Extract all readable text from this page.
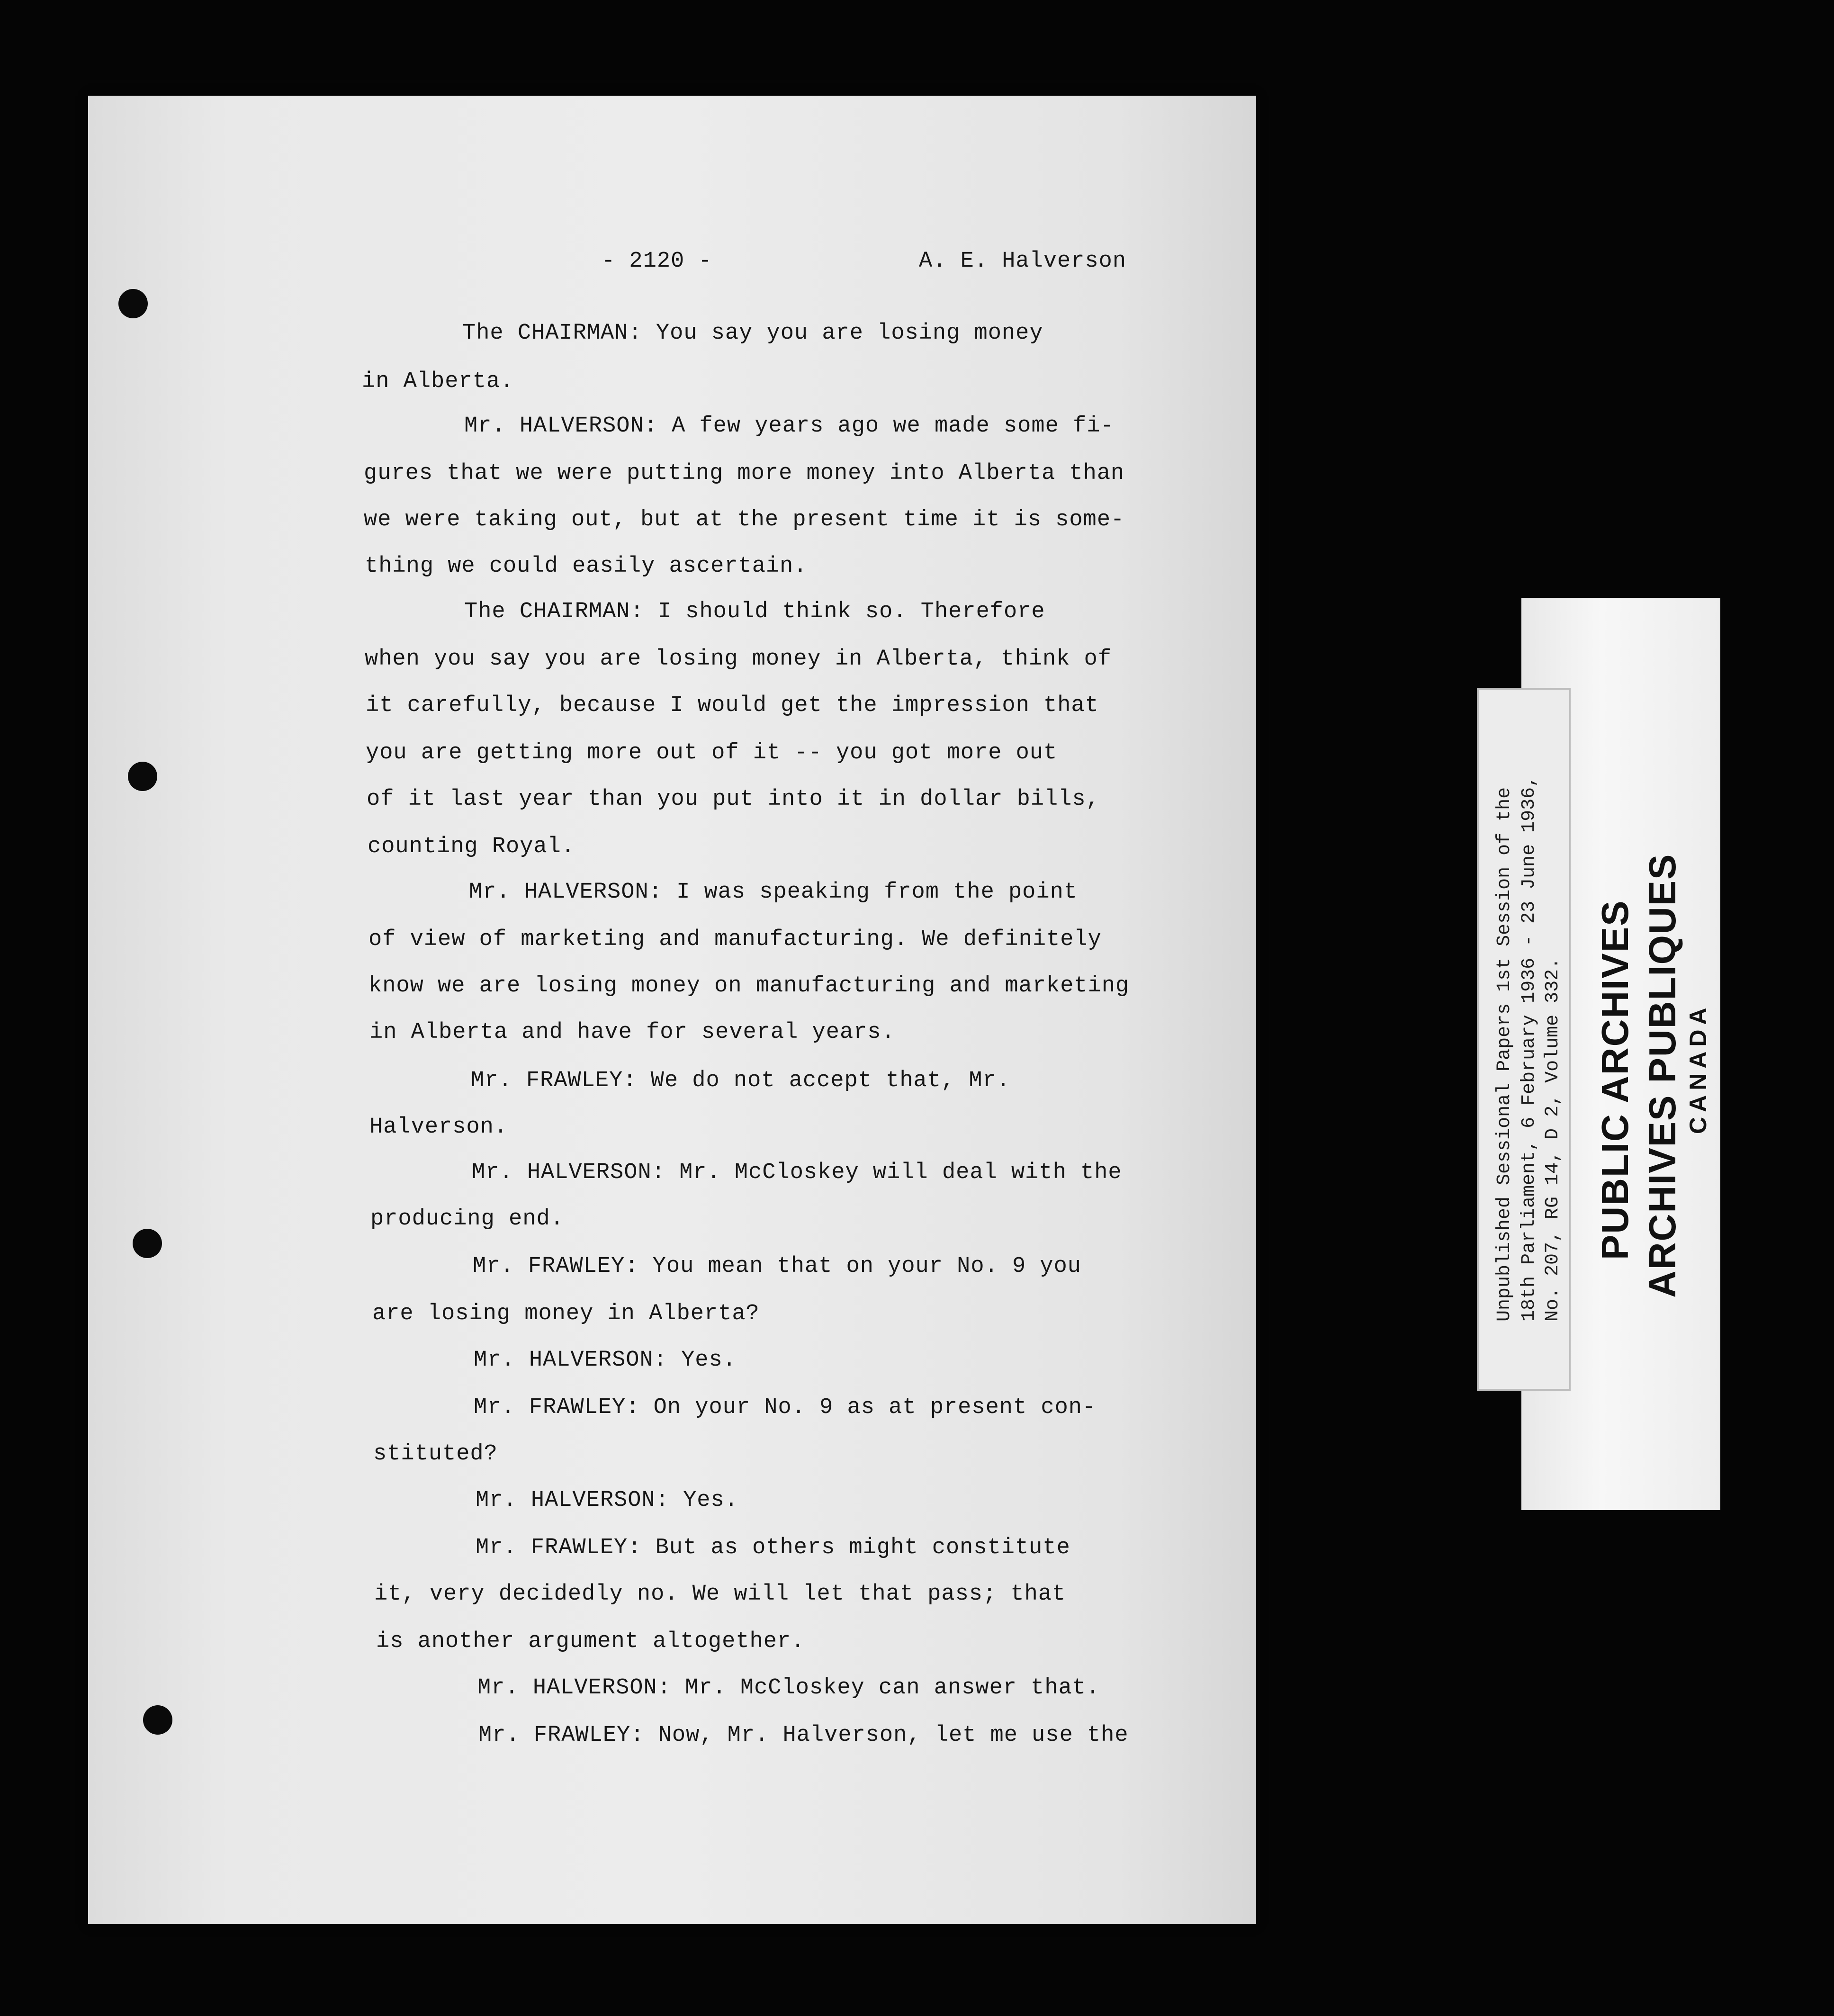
- 2120 -	A. E. Halverson
The CHAIRMAN: You say you are losing money
in Alberta.
Mr. HALVERSON: A few years ago we made some fi-
gures that we were putting more money into Alberta than
we were taking out, but at the present time it is some-
thing we could easily ascertain.
The CHAIRMAN: I should think so. Therefore
when you say you are losing money in Alberta, think of
it carefully, because I would get the impression that
you are getting more out of it -- you got more out
of it last year than you put into it in dollar bills,
counting Royal.
Mr. HALVERSON: I was speaking from the point
of view of marketing and manufacturing. We definitely
know we are losing money on manufacturing and marketing
in Alberta and have for several years.
Mr. FRAWLEY: We do not accept that, Mr.
Halverson.
Mr. HALVERSON: Mr. McCloskey will deal with the
producing end.
Mr. FRAWLEY: You mean that on your No. 9 you
are losing money in Alberta?
Mr. HALVERSON: Yes.
Mr. FRAWLEY: On your No. 9 as at present con-
stituted?
Mr. HALVERSON: Yes.
Mr. FRAWLEY: But as others might constitute
it, very decidedly no. We will let that pass; that
is another argument altogether.
Mr. HALVERSON: Mr. McCloskey can answer that.
Mr. FRAWLEY: Now, Mr. Halverson, let me use the
Unpublished Sessional Papers 1st Session of the 18th Parliament, 6 February 1936 - 23 June 1936, No. 207, RG 14, D 2, Volume 332. PUBLIC ARCHIVES ARCHIVES PUBLIQUES CANADA
